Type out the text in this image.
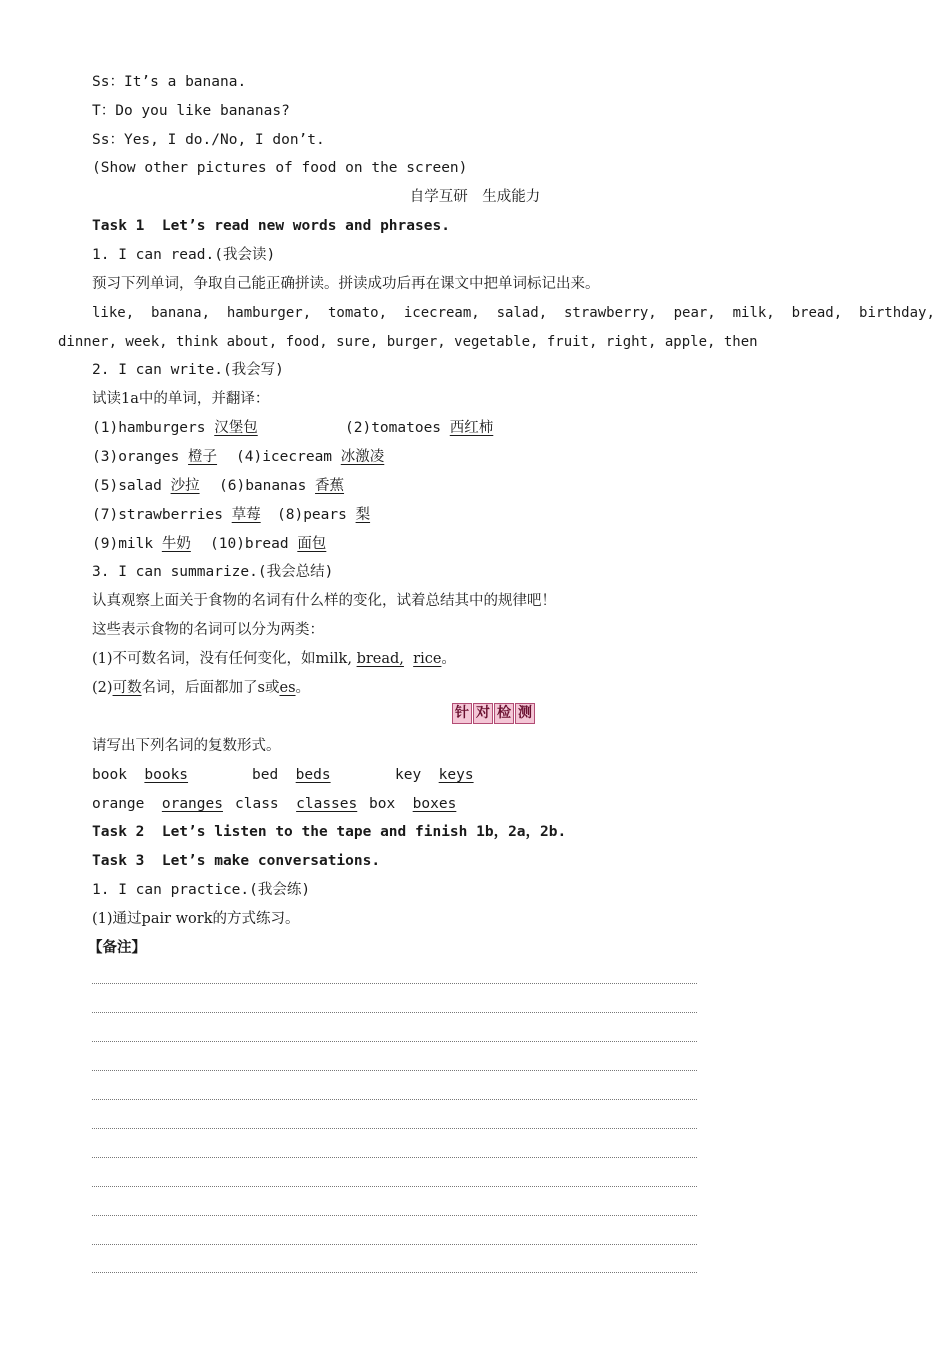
Ss：It’s a banana.
T：Do you like bananas?
Ss：Yes, I do./No, I don’t.
(Show other pictures of food on the screen)
自学互研　生成能力
Task 1  Let’s read new words and phrases.
1. I can read.(我会读)
预习下列单词，争取自己能正确拼读。拼读成功后再在课文中把单词标记出来。
like,  banana,  hamburger,  tomato,  icecream,  salad,  strawberry,  pear,  milk,  bread,  birthday,
dinner, week, think about, food, sure, burger, vegetable, fruit, right, apple, then
2. I can write.(我会写)
试读1a中的单词，并翻译：
(1)hamburgers 汉堡包	(2)tomatoes 西红柿
(3)oranges 橙子 (4)icecream 冰激凌
(5)salad 沙拉 (6)bananas 香蕉
(7)strawberries 草莓 (8)pears 梨
(9)milk 牛奶 (10)bread 面包
3. I can summarize.(我会总结)
认真观察上面关于食物的名词有什么样的变化，试着总结其中的规律吧！
这些表示食物的名词可以分为两类：
(1)不可数名词，没有任何变化，如milk, bread, rice。
(2)可数名词，后面都加了s或es。
针 对 检 测
请写出下列名词的复数形式。
book books	bed beds	key keys
orange oranges class classes box boxes
Task 2  Let’s listen to the tape and finish 1b，2a，2b.
Task 3  Let’s make conversations.
1. I can practice.(我会练)
(1)通过pair work的方式练习。
【备注】
